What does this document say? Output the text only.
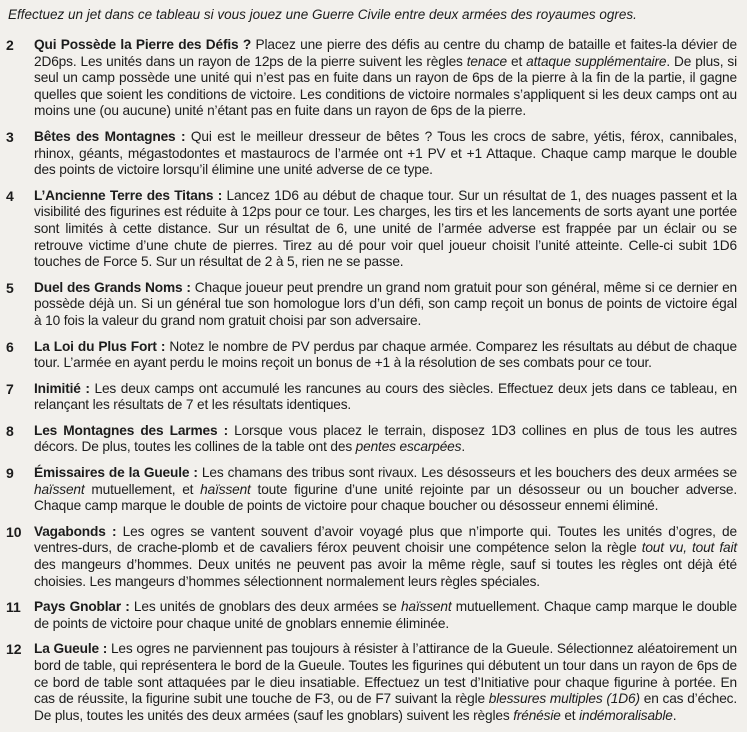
Effectuez un jet dans ce tableau si vous jouez une Guerre Civile entre deux armées des royaumes ogres.
2	Qui Possède la Pierre des Défis ? Placez une pierre des défis au centre du champ de bataille et faites-la dévier de 2D6ps. Les unités dans un rayon de 12ps de la pierre suivent les règles tenace et attaque supplémentaire. De plus, si seul un camp possède une unité qui n’est pas en fuite dans un rayon de 6ps de la pierre à la fin de la partie, il gagne quelles que soient les conditions de victoire. Les conditions de victoire normales s’appliquent si les deux camps ont au moins une (ou aucune) unité n’étant pas en fuite dans un rayon de 6ps de la pierre.
3	Bêtes des Montagnes : Qui est le meilleur dresseur de bêtes ? Tous les crocs de sabre, yétis, férox, cannibales, rhinox, géants, mégastodontes et mastaurocs de l’armée ont +1 PV et +1 Attaque. Chaque camp marque le double des points de victoire lorsqu’il élimine une unité adverse de ce type.
4	L’Ancienne Terre des Titans : Lancez 1D6 au début de chaque tour. Sur un résultat de 1, des nuages passent et la visibilité des figurines est réduite à 12ps pour ce tour. Les charges, les tirs et les lancements de sorts ayant une portée sont limités à cette distance. Sur un résultat de 6, une unité de l’armée adverse est frappée par un éclair ou se retrouve victime d’une chute de pierres. Tirez au dé pour voir quel joueur choisit l’unité atteinte. Celle-ci subit 1D6 touches de Force 5. Sur un résultat de 2 à 5, rien ne se passe.
5	Duel des Grands Noms : Chaque joueur peut prendre un grand nom gratuit pour son général, même si ce dernier en possède déjà un. Si un général tue son homologue lors d’un défi, son camp reçoit un bonus de points de victoire égal à 10 fois la valeur du grand nom gratuit choisi par son adversaire.
6	La Loi du Plus Fort : Notez le nombre de PV perdus par chaque armée. Comparez les résultats au début de chaque tour. L’armée en ayant perdu le moins reçoit un bonus de +1 à la résolution de ses combats pour ce tour.
7	Inimitié : Les deux camps ont accumulé les rancunes au cours des siècles. Effectuez deux jets dans ce tableau, en relançant les résultats de 7 et les résultats identiques.
8	Les Montagnes des Larmes : Lorsque vous placez le terrain, disposez 1D3 collines en plus de tous les autres décors. De plus, toutes les collines de la table ont des pentes escarpées.
9	Émissaires de la Gueule : Les chamans des tribus sont rivaux. Les désosseurs et les bouchers des deux armées se haïssent mutuellement, et haïssent toute figurine d’une unité rejointe par un désosseur ou un boucher adverse. Chaque camp marque le double de points de victoire pour chaque boucher ou désosseur ennemi éliminé.
10 Vagabonds : Les ogres se vantent souvent d’avoir voyagé plus que n’importe qui. Toutes les unités d’ogres, de ventres-durs, de crache-plomb et de cavaliers férox peuvent choisir une compétence selon la règle tout vu, tout fait des mangeurs d’hommes. Deux unités ne peuvent pas avoir la même règle, sauf si toutes les règles ont déjà été choisies. Les mangeurs d’hommes sélectionnent normalement leurs règles spéciales.
11 Pays Gnoblar : Les unités de gnoblars des deux armées se haïssent mutuellement. Chaque camp marque le double de points de victoire pour chaque unité de gnoblars ennemie éliminée.
12 La Gueule : Les ogres ne parviennent pas toujours à résister à l’attirance de la Gueule. Sélectionnez aléatoirement un bord de table, qui représentera le bord de la Gueule. Toutes les figurines qui débutent un tour dans un rayon de 6ps de ce bord de table sont attaquées par le dieu insatiable. Effectuez un test d’Initiative pour chaque figurine à portée. En cas de réussite, la figurine subit une touche de F3, ou de F7 suivant la règle blessures multiples (1D6) en cas d’échec. De plus, toutes les unités des deux armées (sauf les gnoblars) suivent les règles frénésie et indémoralisable.
